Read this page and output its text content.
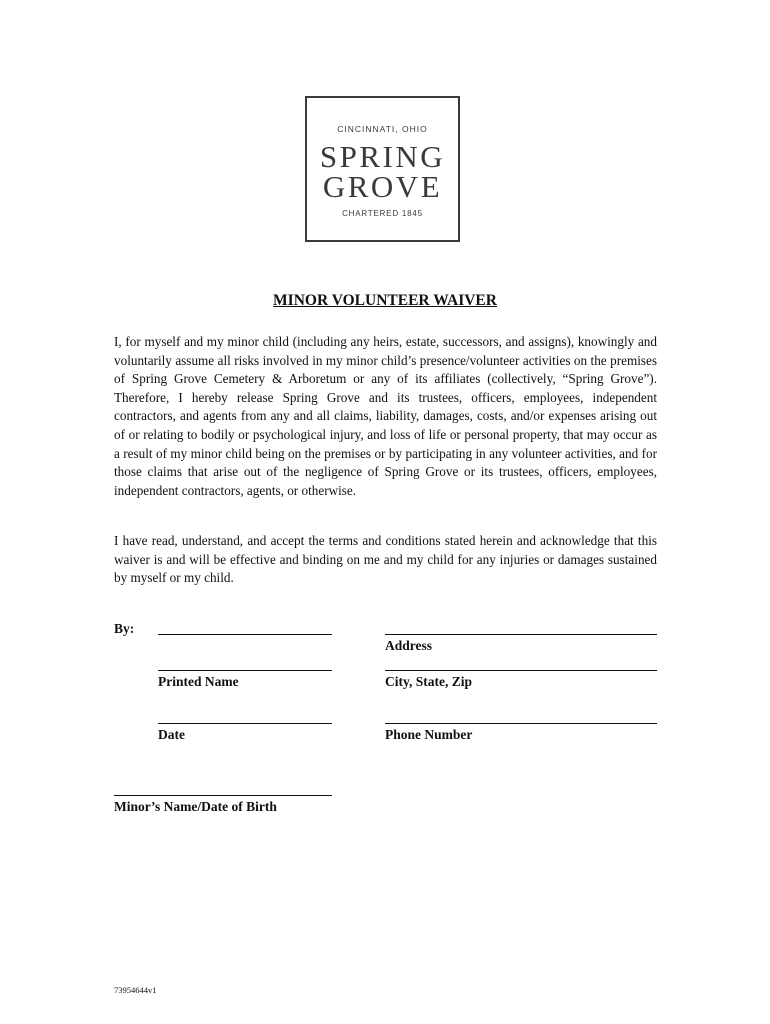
CINCINNATI, OHIO
SPRING
GROVE
CHARTERED 1845
MINOR VOLUNTEER WAIVER
I, for myself and my minor child (including any heirs, estate, successors, and assigns), knowingly and voluntarily assume all risks involved in my minor child’s presence/volunteer activities on the premises of Spring Grove Cemetery & Arboretum or any of its affiliates (collectively, “Spring Grove”). Therefore, I hereby release Spring Grove and its trustees, officers, employees, independent contractors, and agents from any and all claims, liability, damages, costs, and/or expenses arising out of or relating to bodily or psychological injury, and loss of life or personal property, that may occur as a result of my minor child being on the premises or by participating in any volunteer activities, and for those claims that arise out of the negligence of Spring Grove or its trustees, officers, employees, independent contractors, agents, or otherwise.
I have read, understand, and accept the terms and conditions stated herein and acknowledge that this waiver is and will be effective and binding on me and my child for any injuries or damages sustained by myself or my child.
By:
Address
Printed Name	City, State, Zip
Date	Phone Number
Minor’s Name/Date of Birth
73954644v1
